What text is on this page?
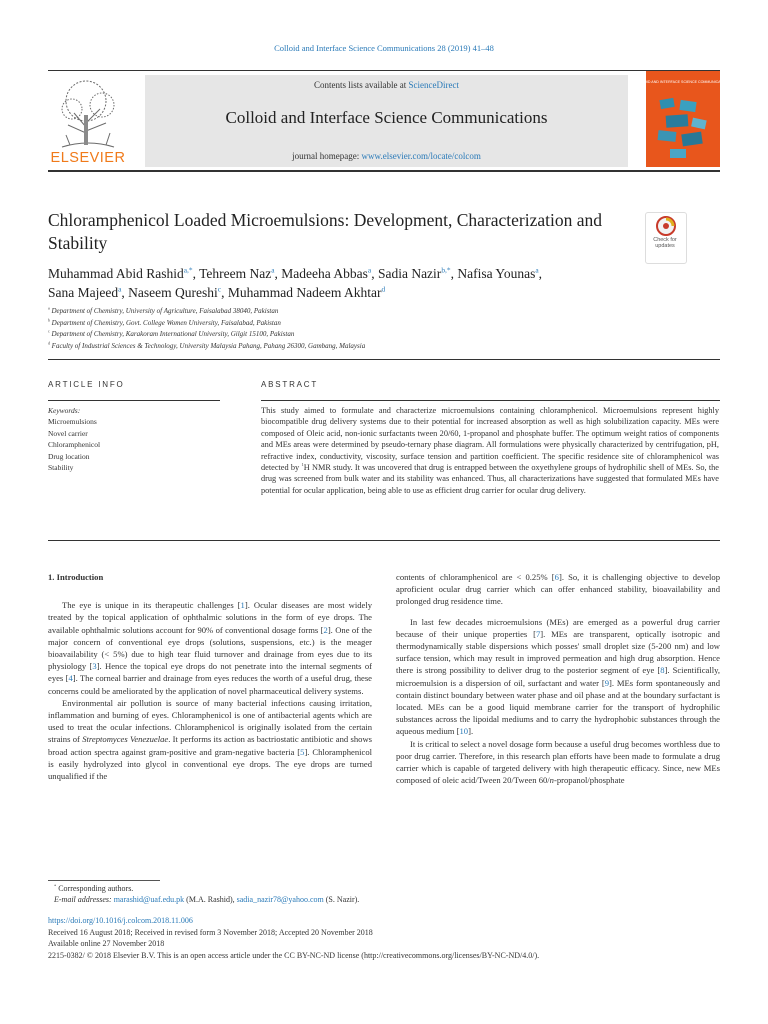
Colloid and Interface Science Communications 28 (2019) 41–48
ELSEVIER
Contents lists available at ScienceDirect
Colloid and Interface Science Communications
journal homepage: www.elsevier.com/locate/colcom
COLLOID AND INTERFACE SCIENCE COMMUNICATIONS
Chloramphenicol Loaded Microemulsions: Development, Characterization and Stability	Check for updates
Muhammad Abid Rashid$^{a,*}$, Tehreem Naz$^a$, Madeeha Abbas$^a$, Sadia Nazir$^{b,*}$, Nafisa Younas$^a$,
Sana Majeed$^a$, Naseem Qureshi$^c$, Muhammad Nadeem Akhtar$^d$
$^a$ Department of Chemistry, University of Agriculture, Faisalabad 38040, Pakistan
$^b$ Department of Chemistry, Govt. College Women University, Faisalabad, Pakistan
$^c$ Department of Chemistry, Karakoram International University, Gilgit 15100, Pakistan
$^d$ Faculty of Industrial Sciences & Technology, University Malaysia Pahang, Pahang 26300, Gambang, Malaysia
ARTICLE INFO
Keywords:
Microemulsions
Novel carrier
Chloramphenicol
Drug location
Stability
ABSTRACT
This study aimed to formulate and characterize microemulsions containing chloramphenicol. Microemulsions represent highly biocompatible drug delivery systems due to their potential for increased absorption as well as high solubilization capacity. MEs were composed of Oleic acid, non-ionic surfactants tween 20/60, 1-propanol and phosphate buffer. The optimum weight ratios of components and MEs areas were determined by pseudo-ternary phase diagram. All formulations were physically characterized by centrifugation, pH, refractive index, conductivity, viscosity, surface tension and partition coefficient. The specific residence site of chloramphenicol was detected by $^1$H NMR study. It was uncovered that drug is entrapped between the oxyethylene groups of hydrophilic shell of MEs. So, the drug was screened from bulk water and its stability was enhanced. Thus, all characterizations have suggested that formulated MEs have potential for ocular application, being able to use as efficient drug carrier for ocular drug delivery.

1. Introduction

The eye is unique in its therapeutic challenges [1]. Ocular diseases are most widely treated by the topical application of ophthalmic solutions in the form of eye drops. The available ophthalmic solutions account for 90% of conventional dosage forms [2]. One of the major concern of conventional eye drops (solutions, suspensions, etc.) is the meager bioavailability (< 5%) due to high tear fluid turnover and drainage from eyes due to its physiology [3]. Hence the topical eye drops do not penetrate into the internal segments of eyes [4]. The corneal barrier and drainage from eyes reduces the worth of a useful drug, these concerns could be ameliorated by the application of novel pharmaceutical delivery systems.

Environmental air pollution is source of many bacterial infections causing irritation, inflammation and burning of eyes. Chloramphenicol is one of antibacterial agents which are used to treat the ocular infections. Chloramphenicol is originally isolated from the certain strains of Streptomyces Venezuelae. It performs its action as bactriostatic antibiotic and shows broad action spectra against gram-positive and gram-negative bacteria [5]. Chloramphenicol is easily hydrolyzed into glycol in conventional eye drops. The eye drops are turned unqualified if the

contents of chloramphenicol are < 0.25% [6]. So, it is challenging objective to develop aproficient ocular drug carrier which can offer enhanced stability, bioavailability and prolonged drug residence time.

In last few decades microemulsions (MEs) are emerged as a powerful drug carrier because of their unique properties [7]. MEs are transparent, optically isotropic and thermodynamically stable dispersions which posses' small droplet size (5-200 nm) and low surface tension, which may result in improved permeation and high drug absorption. Hence there is strong possibility to deliver drug to the posterior segment of eye [8]. Scientifically, microemulsion is a dispersion of oil, surfactant and water [9]. MEs form spontaneously and contain distinct boundary between water phase and oil phase and at the boundary surfactant is located. MEs can be a good liquid membrane carrier for the transport of hydrophilic substances across the lipoidal mediums and to carry the hydrophobic substances through the aqueous medium [10].

It is critical to select a novel dosage form because a useful drug becomes worthless due to poor drug carrier. Therefore, in this research plan efforts have been made to formulate a drug carrier which is capable of targeted delivery with high therapeutic efficacy. Since, new MEs composed of oleic acid/Tween 20/Tween 60/n-propanol/phosphate

* Corresponding authors.
E-mail addresses: marashid@uaf.edu.pk (M.A. Rashid), sadia_nazir78@yahoo.com (S. Nazir).
https://doi.org/10.1016/j.colcom.2018.11.006
Received 16 August 2018; Received in revised form 3 November 2018; Accepted 20 November 2018
Available online 27 November 2018
2215-0382/ © 2018 Elsevier B.V. This is an open access article under the CC BY-NC-ND license (http://creativecommons.org/licenses/BY-NC-ND/4.0/).
